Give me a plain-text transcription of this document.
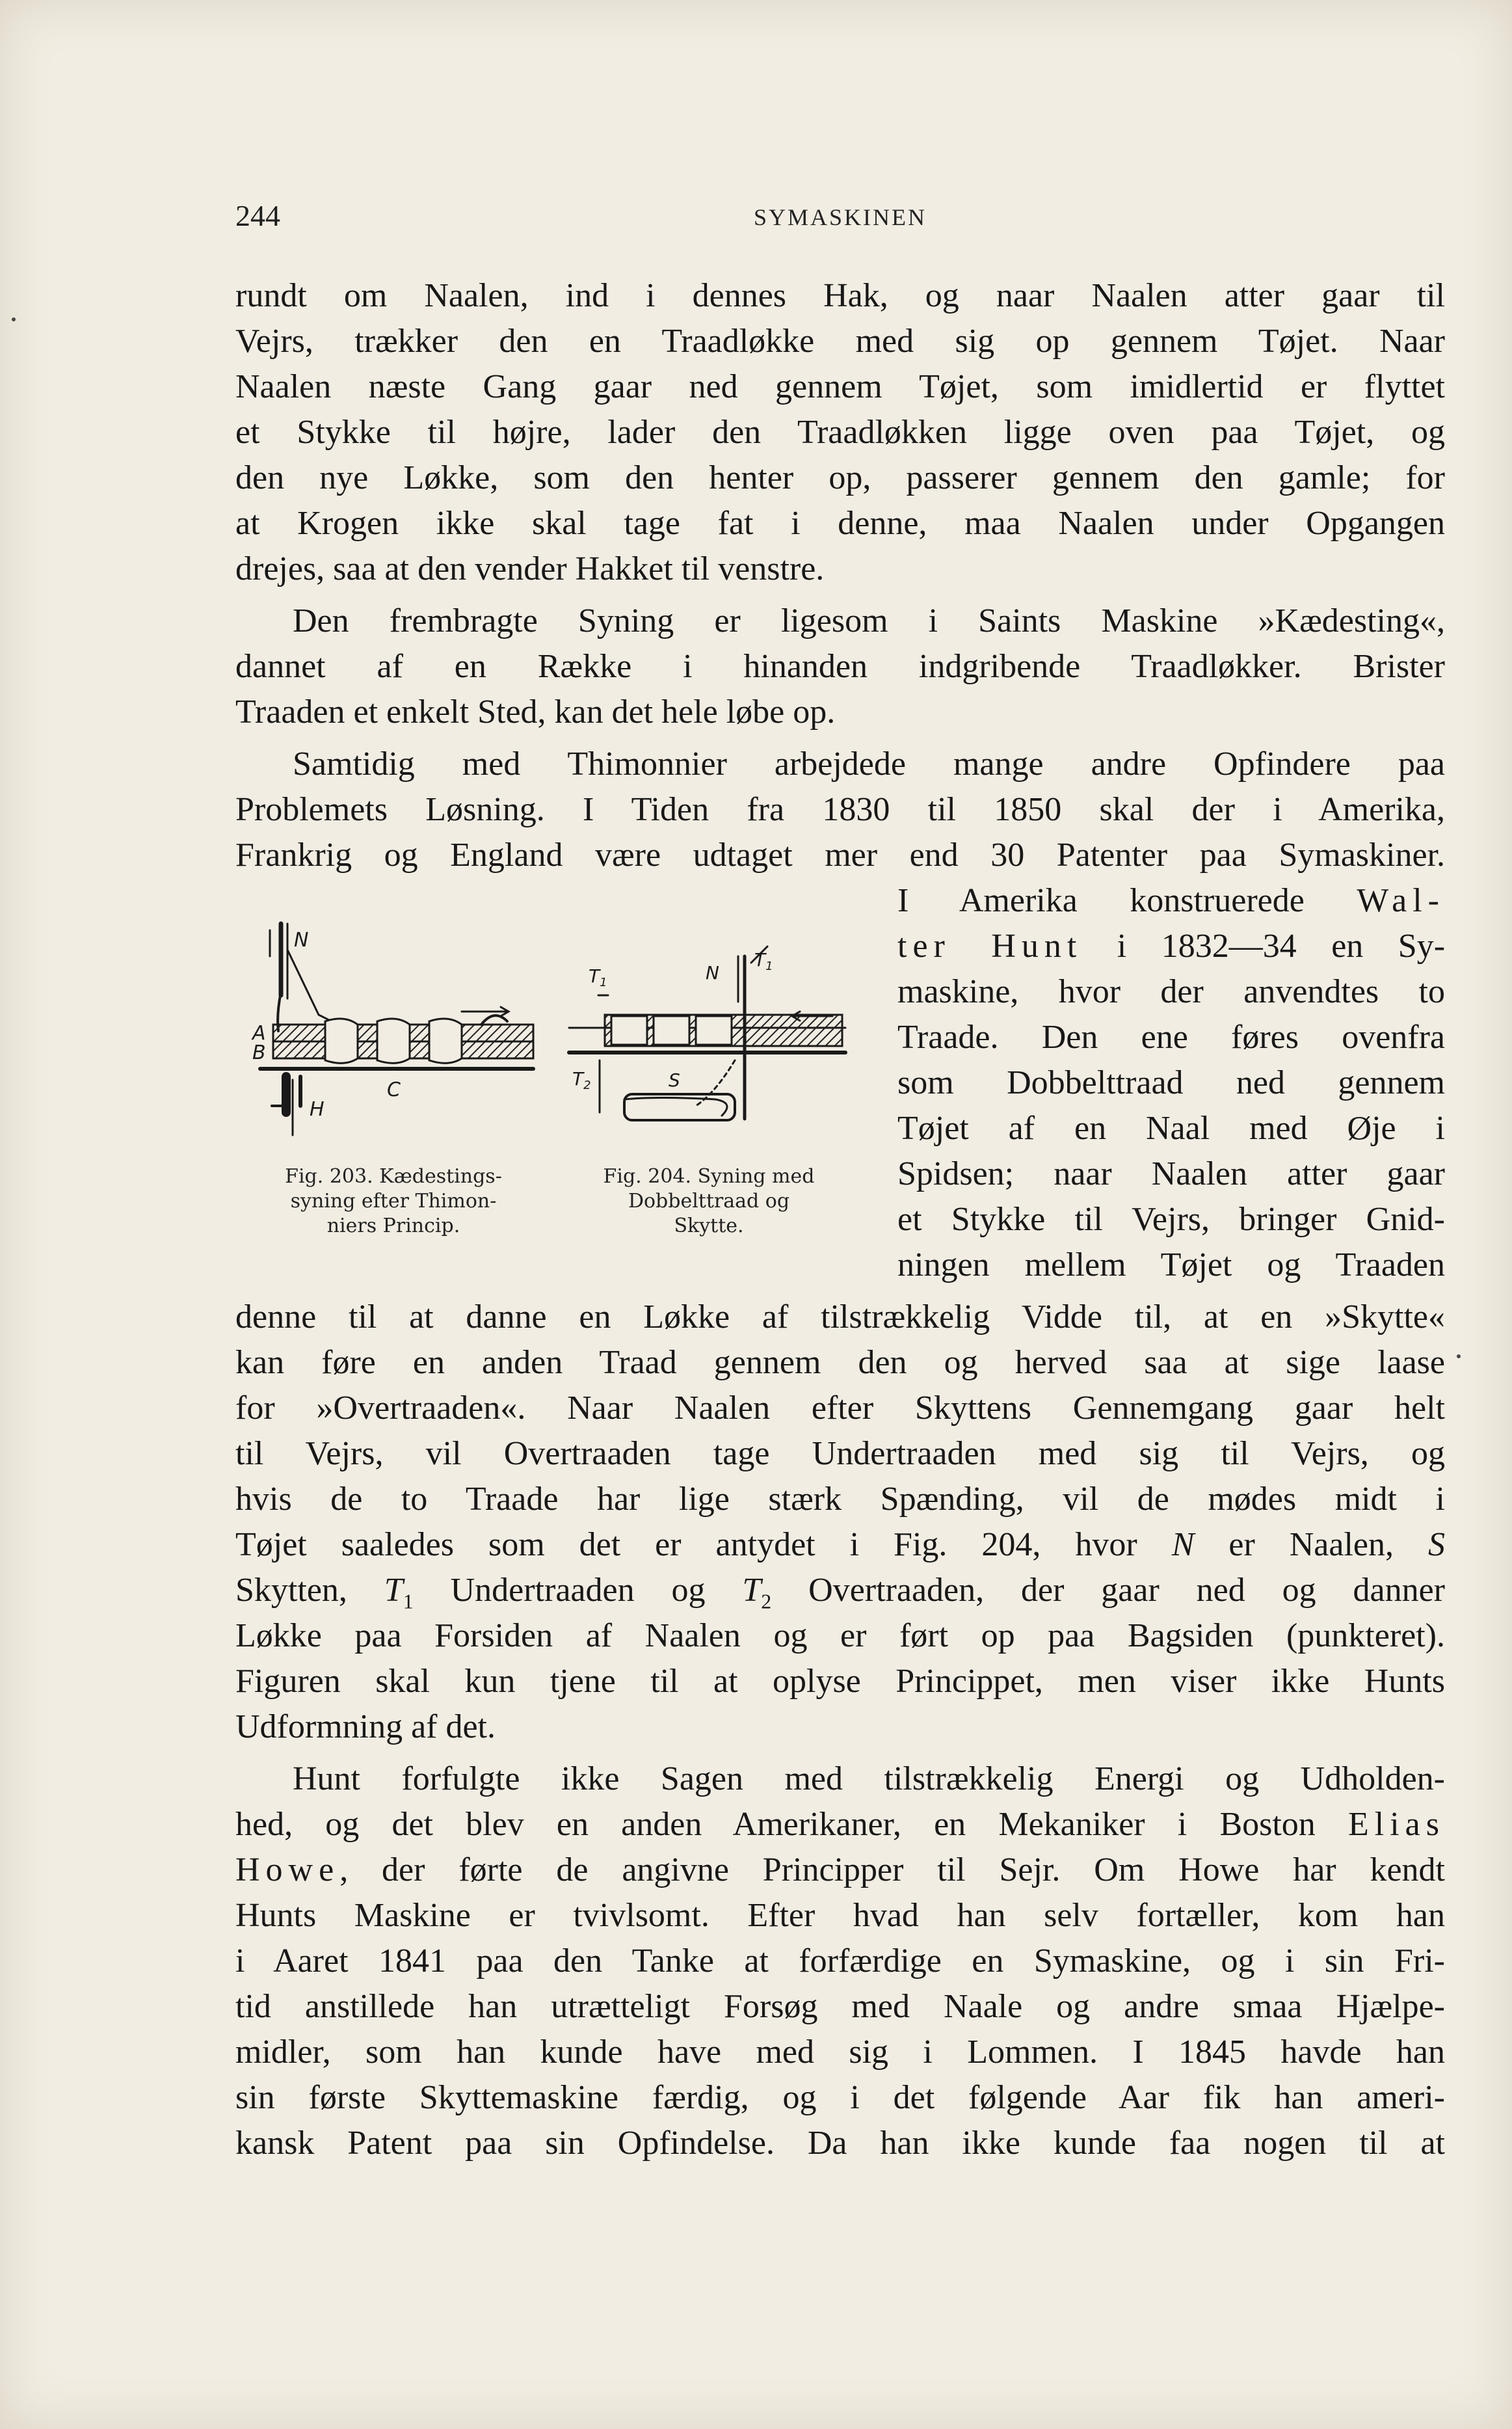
244	SYMASKINEN
rundt om Naalen, ind i dennes Hak, og naar Naalen atter gaar til
Vejrs, trækker den en Traadløkke med sig op gennem Tøjet. Naar
Naalen næste Gang gaar ned gennem Tøjet, som imidlertid er flyttet
et Stykke til højre, lader den Traadløkken ligge oven paa Tøjet, og
den nye Løkke, som den henter op, passerer gennem den gamle; for
at Krogen ikke skal tage fat i denne, maa Naalen under Opgangen
drejes, saa at den vender Hakket til venstre.
Den frembragte Syning er ligesom i Saints Maskine »Kædesting«,
dannet af en Række i hinanden indgribende Traadløkker. Brister
Traaden et enkelt Sted, kan det hele løbe op.
Samtidig med Thimonnier arbejdede mange andre Opfindere paa
Problemets Løsning. I Tiden fra 1830 til 1850 skal der i Amerika,
Frankrig og England være udtaget mer end 30 Patenter paa Symaskiner.
I Amerika konstruerede Wal-
ter Hunt i 1832—34 en Sy-
maskine, hvor der anvendtes to
Traade. Den ene føres ovenfra
som Dobbelttraad ned gennem
Tøjet af en Naal med Øje i
Spidsen; naar Naalen atter gaar
et Stykke til Vejrs, bringer Gnid-
ningen mellem Tøjet og Traaden
denne til at danne en Løkke af tilstrækkelig Vidde til, at en »Skytte«
kan føre en anden Traad gennem den og herved saa at sige laase
for »Overtraaden«. Naar Naalen efter Skyttens Gennemgang gaar helt
til Vejrs, vil Overtraaden tage Undertraaden med sig til Vejrs, og
hvis de to Traade har lige stærk Spænding, vil de mødes midt i
Tøjet saaledes som det er antydet i Fig. 204, hvor N er Naalen, S
Skytten, $T_1$ Undertraaden og $T_2$ Overtraaden, der gaar ned og danner
Løkke paa Forsiden af Naalen og er ført op paa Bagsiden (punkteret).
Figuren skal kun tjene til at oplyse Princippet, men viser ikke Hunts
Udformning af det.
Hunt forfulgte ikke Sagen med tilstrækkelig Energi og Udholden-
hed, og det blev en anden Amerikaner, en Mekaniker i Boston Elias
Howe, der førte de angivne Principper til Sejr. Om Howe har kendt
Hunts Maskine er tvivlsomt. Efter hvad han selv fortæller, kom han
i Aaret 1841 paa den Tanke at forfærdige en Symaskine, og i sin Fri-
tid anstillede han utrætteligt Forsøg med Naale og andre smaa Hjælpe-
midler, som han kunde have med sig i Lommen. I 1845 havde han
sin første Skyttemaskine færdig, og i det følgende Aar fik han ameri-
kansk Patent paa sin Opfindelse. Da han ikke kunde faa nogen til at
N
A
B
C
H
$T_1$	N
$T_1$
$T_2$	S
Fig. 203. Kædestings-
syning efter Thimon-
niers Princip.
Fig. 204. Syning med
Dobbelttraad og
Skytte.
